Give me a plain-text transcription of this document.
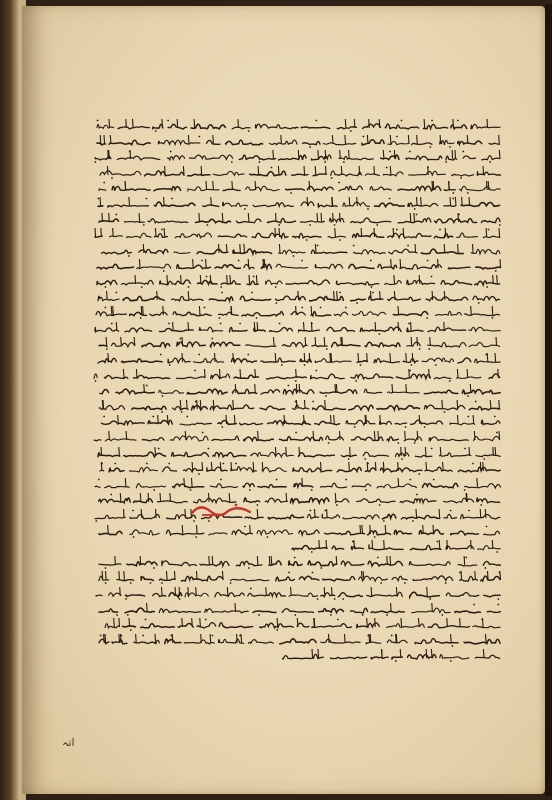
اتہ
